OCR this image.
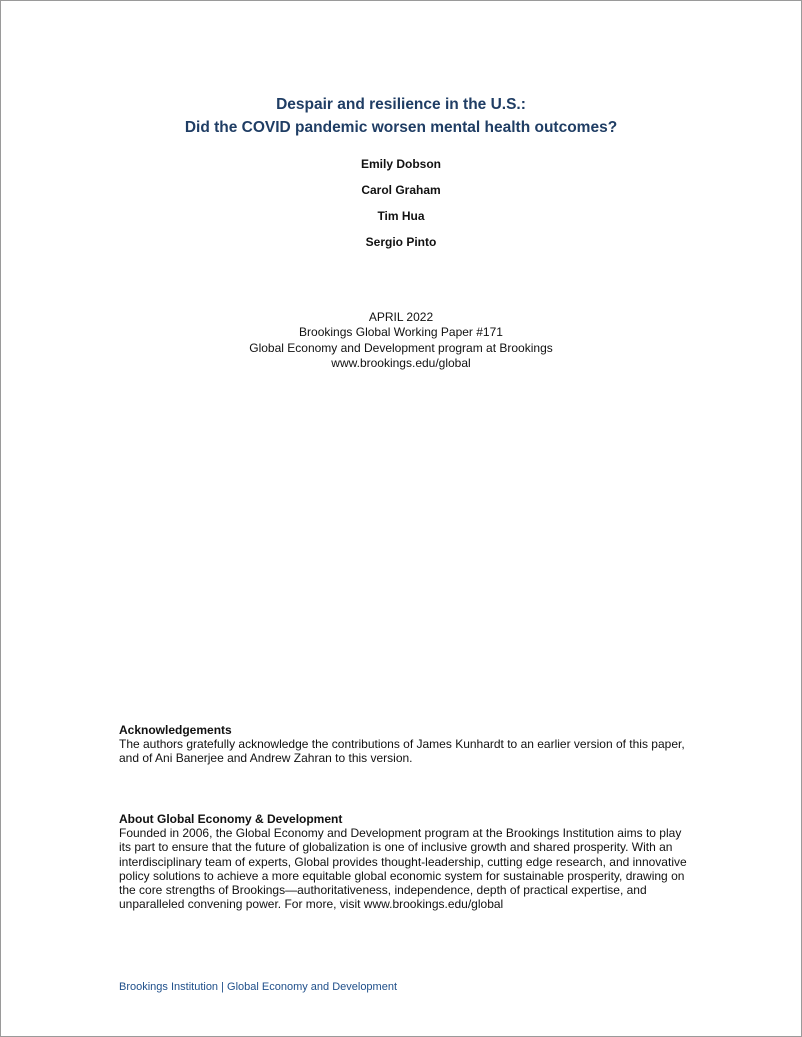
Despair and resilience in the U.S.:
Did the COVID pandemic worsen mental health outcomes?
Emily Dobson
Carol Graham
Tim Hua
Sergio Pinto
APRIL 2022
Brookings Global Working Paper #171
Global Economy and Development program at Brookings
www.brookings.edu/global
Acknowledgements
The authors gratefully acknowledge the contributions of James Kunhardt to an earlier version of this paper,
and of Ani Banerjee and Andrew Zahran to this version.
About Global Economy & Development
Founded in 2006, the Global Economy and Development program at the Brookings Institution aims to play
its part to ensure that the future of globalization is one of inclusive growth and shared prosperity. With an
interdisciplinary team of experts, Global provides thought-leadership, cutting edge research, and innovative
policy solutions to achieve a more equitable global economic system for sustainable prosperity, drawing on
the core strengths of Brookings—authoritativeness, independence, depth of practical expertise, and
unparalleled convening power. For more, visit www.brookings.edu/global
Brookings Institution | Global Economy and Development
